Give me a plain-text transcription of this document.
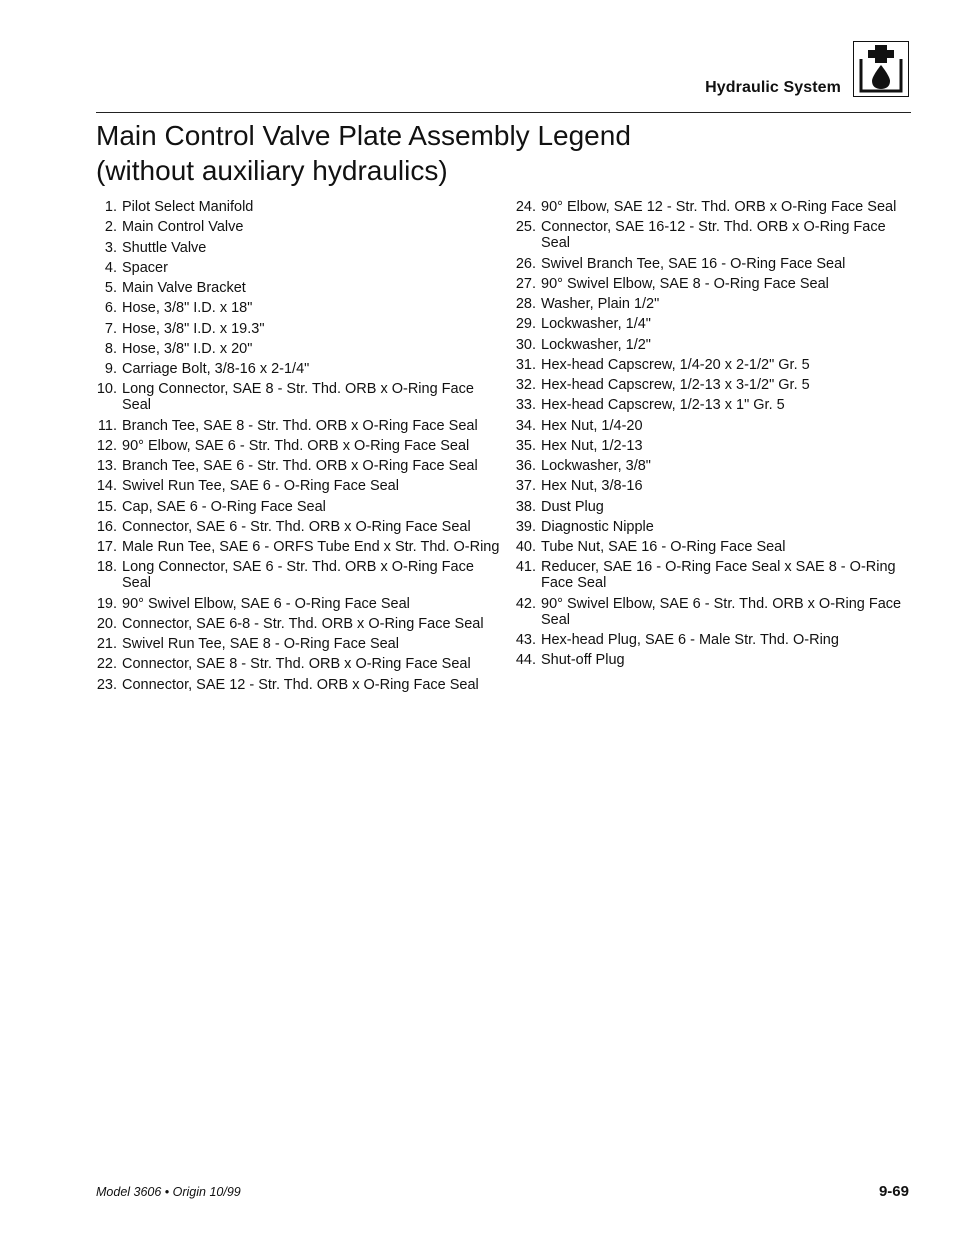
Hydraulic System
Main Control Valve Plate Assembly Legend
(without auxiliary hydraulics)
1. Pilot Select Manifold
2. Main Control Valve
3. Shuttle Valve
4. Spacer
5. Main Valve Bracket
6. Hose, 3/8" I.D. x 18"
7. Hose, 3/8" I.D. x 19.3"
8. Hose, 3/8" I.D. x 20"
9. Carriage Bolt, 3/8-16 x 2-1/4"
10. Long Connector, SAE 8 - Str. Thd. ORB x O-Ring Face Seal
11. Branch Tee, SAE 8 - Str. Thd. ORB x O-Ring Face Seal
12. 90° Elbow, SAE 6 - Str. Thd. ORB x O-Ring Face Seal
13. Branch Tee, SAE 6 - Str. Thd. ORB x O-Ring Face Seal
14. Swivel Run Tee, SAE 6 - O-Ring Face Seal
15. Cap, SAE 6 - O-Ring Face Seal
16. Connector, SAE 6 - Str. Thd. ORB x O-Ring Face Seal
17. Male Run Tee, SAE 6 - ORFS Tube End x Str. Thd. O-Ring
18. Long Connector, SAE 6 - Str. Thd. ORB x O-Ring Face Seal
19. 90° Swivel Elbow, SAE 6 - O-Ring Face Seal
20. Connector, SAE 6-8 - Str. Thd. ORB x O-Ring Face Seal
21. Swivel Run Tee, SAE 8 - O-Ring Face Seal
22. Connector, SAE 8 - Str. Thd. ORB x O-Ring Face Seal
23. Connector, SAE 12 - Str. Thd. ORB x O-Ring Face Seal
24. 90° Elbow, SAE 12 - Str. Thd. ORB x O-Ring Face Seal
25. Connector, SAE 16-12 - Str. Thd. ORB x O-Ring Face Seal
26. Swivel Branch Tee, SAE 16 - O-Ring Face Seal
27. 90° Swivel Elbow, SAE 8 - O-Ring Face Seal
28. Washer, Plain 1/2"
29. Lockwasher, 1/4"
30. Lockwasher, 1/2"
31. Hex-head Capscrew, 1/4-20 x 2-1/2" Gr. 5
32. Hex-head Capscrew, 1/2-13 x 3-1/2" Gr. 5
33. Hex-head Capscrew, 1/2-13 x 1" Gr. 5
34. Hex Nut, 1/4-20
35. Hex Nut, 1/2-13
36. Lockwasher, 3/8"
37. Hex Nut, 3/8-16
38. Dust Plug
39. Diagnostic Nipple
40. Tube Nut, SAE 16 - O-Ring Face Seal
41. Reducer, SAE 16 - O-Ring Face Seal x SAE 8 - O-Ring Face Seal
42. 90° Swivel Elbow, SAE 6 - Str. Thd. ORB x O-Ring Face Seal
43. Hex-head Plug, SAE 6 - Male Str. Thd. O-Ring
44. Shut-off Plug
Model 3606 • Origin 10/99	9-69
